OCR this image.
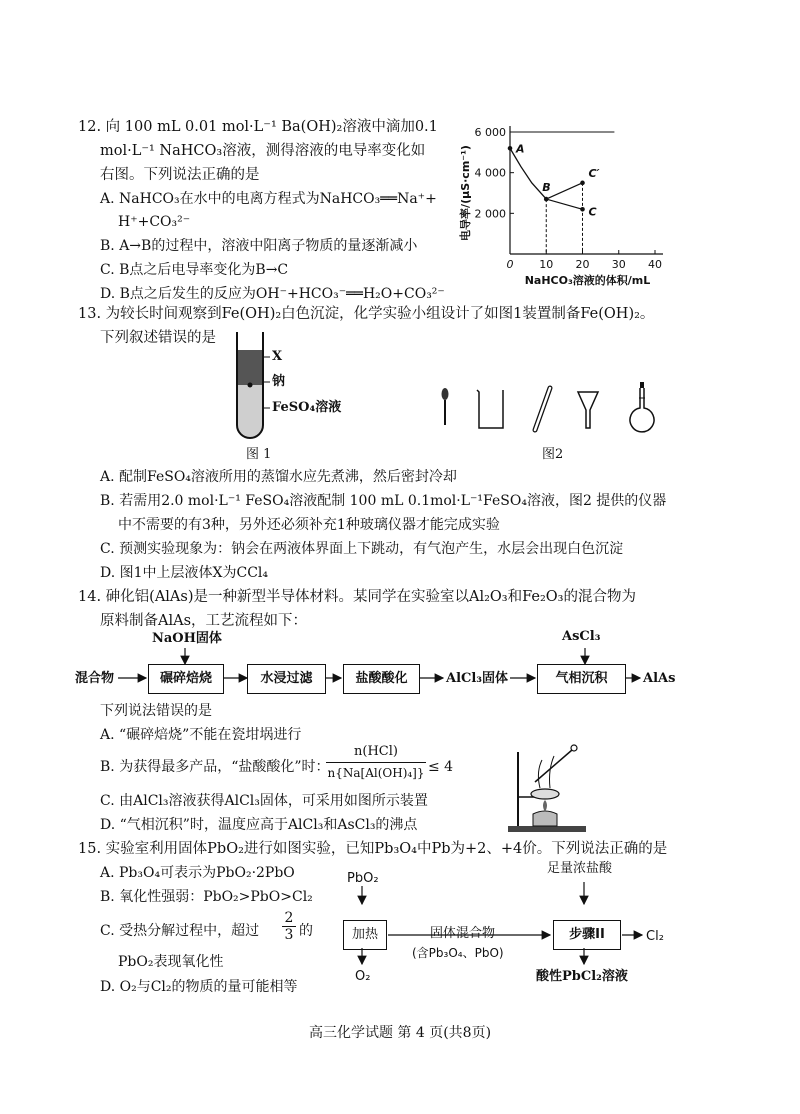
12. 向 100 mL 0.01 mol·L⁻¹ Ba(OH)₂溶液中滴加0.1
mol·L⁻¹ NaHCO₃溶液，测得溶液的电导率变化如
右图。下列说法正确的是
A. NaHCO₃在水中的电离方程式为NaHCO₃══Na⁺+
H⁺+CO₃²⁻
B. A→B的过程中，溶液中阳离子物质的量逐渐减小
C. B点之后电导率变化为B→C
D. B点之后发生的反应为OH⁻+HCO₃⁻══H₂O+CO₃²⁻
0 10 20 30 40
2 000
4 000
6 000
NaHCO₃溶液的体积/mL
电导率/(μS·cm⁻¹)	A
B
C′
C
13. 为较长时间观察到Fe(OH)₂白色沉淀，化学实验小组设计了如图1装置制备Fe(OH)₂。
下列叙述错误的是
X
钠
FeSO₄溶液
图 1	图2
A. 配制FeSO₄溶液所用的蒸馏水应先煮沸，然后密封冷却
B. 若需用2.0 mol·L⁻¹ FeSO₄溶液配制 100 mL 0.1mol·L⁻¹FeSO₄溶液，图2 提供的仪器
中不需要的有3种，另外还必须补充1种玻璃仪器才能完成实验
C. 预测实验现象为：钠会在两液体界面上下跳动，有气泡产生，水层会出现白色沉淀
D. 图1中上层液体X为CCl₄
14. 砷化铝(AlAs)是一种新型半导体材料。某同学在实验室以Al₂O₃和Fe₂O₃的混合物为
原料制备AlAs，工艺流程如下：
NaOH固体	AsCl₃
混合物	碾碎焙烧	水浸过滤	盐酸酸化	AlCl₃固体	气相沉积	AlAs
下列说法错误的是
A. “碾碎焙烧”不能在瓷坩埚进行
B. 为获得最多产品，“盐酸酸化”时：
n(HCl)
n{Na[Al(OH)₄]} ≤ 4
C. 由AlCl₃溶液获得AlCl₃固体，可采用如图所示装置
D. “气相沉积”时，温度应高于AlCl₃和AsCl₃的沸点
15. 实验室利用固体PbO₂进行如图实验，已知Pb₃O₄中Pb为+2、+4价。下列说法正确的是
A. Pb₃O₄可表示为PbO₂·2PbO
B. 氧化性强弱：PbO₂>PbO>Cl₂
C. 受热分解过程中，超过 $\frac{2}{3}$ 的
PbO₂表现氧化性
D. O₂与Cl₂的物质的量可能相等
PbO₂
足量浓盐酸
加热	固体混合物
(含Pb₃O₄、PbO)
步骤II	Cl₂
O₂	酸性PbCl₂溶液
高三化学试题 第 4 页(共8页)
